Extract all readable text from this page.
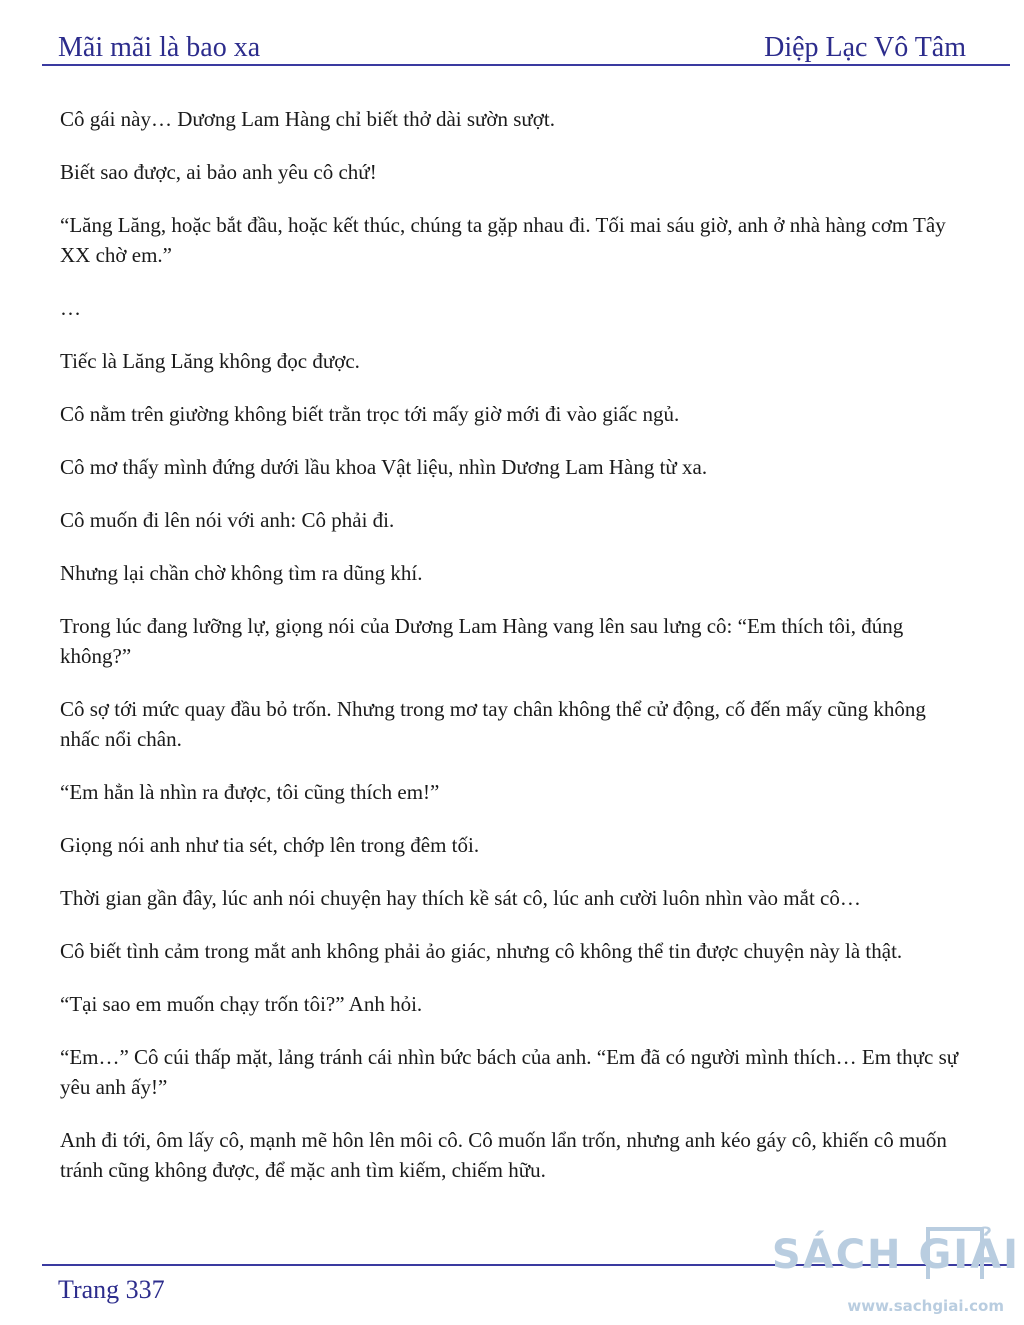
Mãi mãi là bao xa	Diệp Lạc Vô Tâm

Cô gái này… Dương Lam Hàng chỉ biết thở dài sườn sượt.

Biết sao được, ai bảo anh yêu cô chứ!

“Lăng Lăng, hoặc bắt đầu, hoặc kết thúc, chúng ta gặp nhau đi. Tối mai sáu giờ, anh ở nhà hàng cơm Tây XX chờ em.”

…

Tiếc là Lăng Lăng không đọc được.

Cô nằm trên giường không biết trằn trọc tới mấy giờ mới đi vào giấc ngủ.

Cô mơ thấy mình đứng dưới lầu khoa Vật liệu, nhìn Dương Lam Hàng từ xa.

Cô muốn đi lên nói với anh: Cô phải đi.

Nhưng lại chần chờ không tìm ra dũng khí.

Trong lúc đang lưỡng lự, giọng nói của Dương Lam Hàng vang lên sau lưng cô: “Em thích tôi, đúng không?”

Cô sợ tới mức quay đầu bỏ trốn. Nhưng trong mơ tay chân không thể cử động, cố đến mấy cũng không nhấc nổi chân.

“Em hẳn là nhìn ra được, tôi cũng thích em!”

Giọng nói anh như tia sét, chớp lên trong đêm tối.

Thời gian gần đây, lúc anh nói chuyện hay thích kề sát cô, lúc anh cười luôn nhìn vào mắt cô…

Cô biết tình cảm trong mắt anh không phải ảo giác, nhưng cô không thể tin được chuyện này là thật.

“Tại sao em muốn chạy trốn tôi?” Anh hỏi.

“Em…” Cô cúi thấp mặt, lảng tránh cái nhìn bức bách của anh. “Em đã có người mình thích… Em thực sự yêu anh ấy!”

Anh đi tới, ôm lấy cô, mạnh mẽ hôn lên môi cô. Cô muốn lẩn trốn, nhưng anh kéo gáy cô, khiến cô muốn tránh cũng không được, để mặc anh tìm kiếm, chiếm hữu.

Trang 337
SÁCH GIẢI
www.sachgiai.com
